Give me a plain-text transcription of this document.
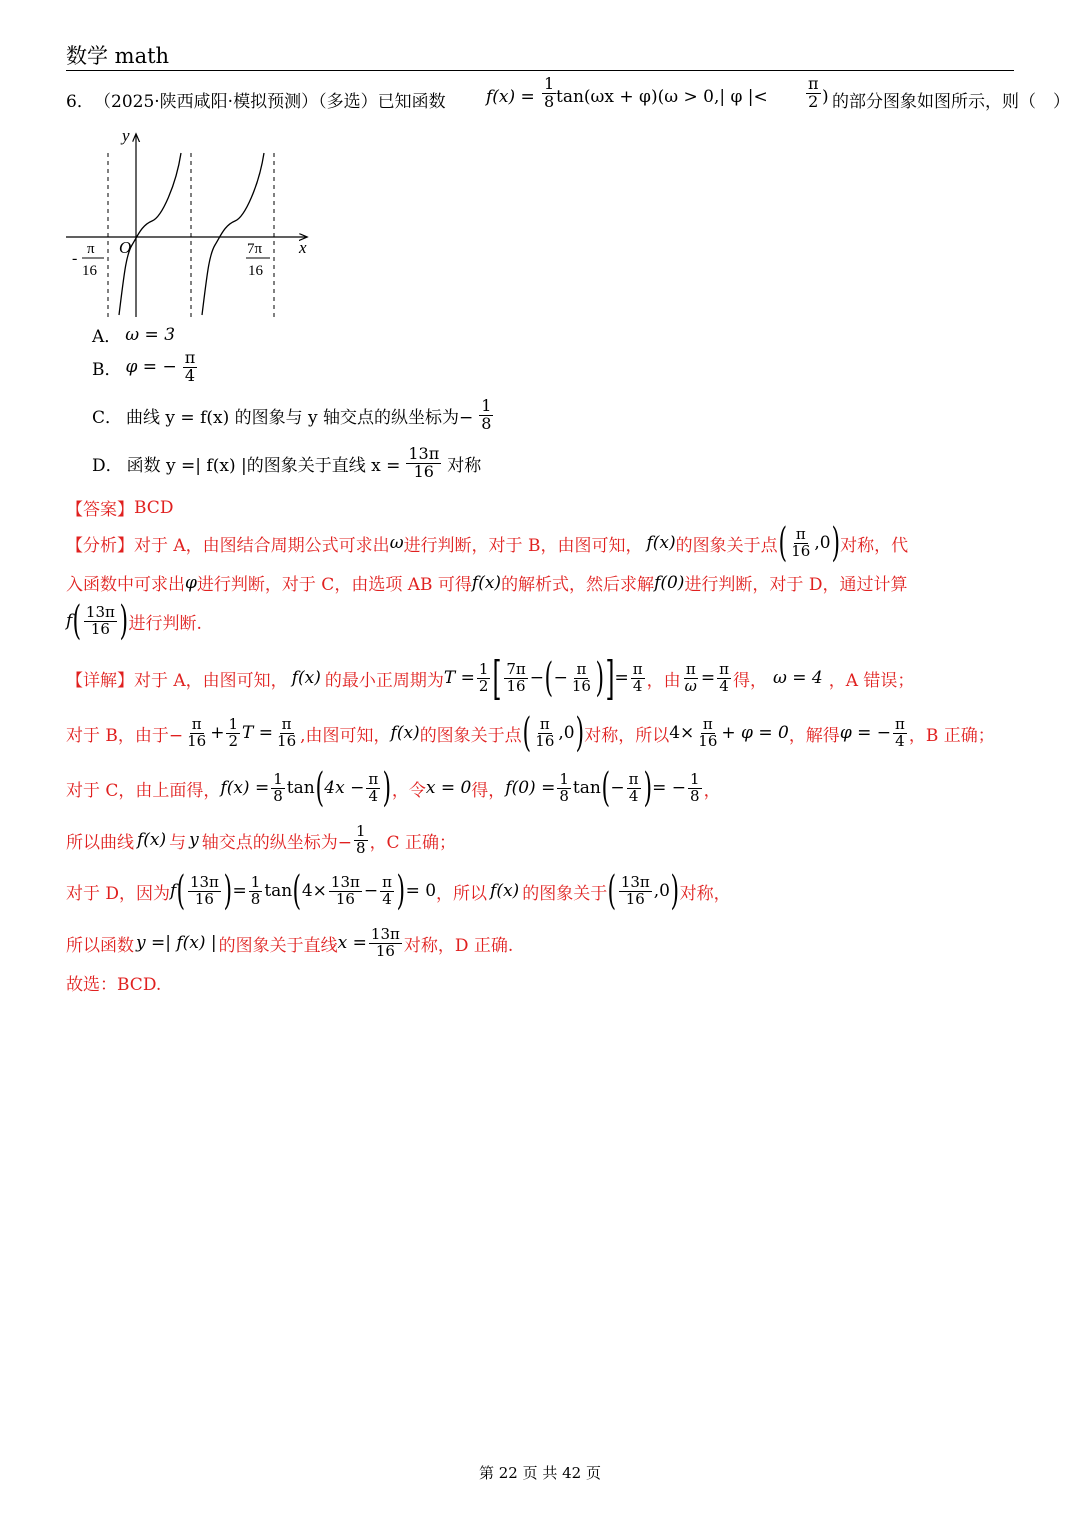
数学 math
6． （2025·陕西咸阳·模拟预测）（多选）已知函数 $f(x) = \frac{1}{8} \tan(\omega x + \varphi)(\omega > 0,|$ φ |< $\frac{\pi}{2}$ ) 的部分图象如图所示，则（　）
y
x
O
-
π
16
7π
16
A． ω = 3
B． φ = − $\frac{\pi}{4}$
C． 曲线 y = f(x) 的图象与 y 轴交点的纵坐标为− $\frac{1}{8}$
D． 函数 y =| f(x) |的图象关于直线 $x = \frac{13\pi}{16}$ 对称
【答案】 BCD
【分析】对于 A，由图结合周期公式可求出 ω 进行判断，对于 B，由图可知， f(x) 的图象关于点 ( $\frac{\pi}{16} ,0$ ) 对称，代
入函数中可求出 φ 进行判断，对于 C，由选项 AB 可得 f(x) 的解析式，然后求解 f(0) 进行判断，对于 D，通过计算
f ( $\frac{13\pi}{16}$ ) 进行判断.
【详解】对于 A，由图可知， f(x) 的最小正周期为 $T = \frac{1}{2}$ [ $\frac{7\pi}{16}$ − ( − $\frac{\pi}{16}$ ) ] = $\frac{\pi}{4}$ ，由 $\frac{\pi}{\omega} = \frac{\pi}{4}$ 得， ω = 4 ，A 错误；
对于 B，由于− $\frac{\pi}{16} + \frac{1}{2}$ $T = \frac{\pi}{16}$ ,由图可知， f(x) 的图象关于点 ( $\frac{\pi}{16} ,0$ ) 对称，所以 $4\times \frac{\pi}{16} + \varphi = 0$ ，解得 φ = − $\frac{\pi}{4}$ ，B 正确；
对于 C，由上面得， $f(x) = \frac{1}{8}$ tan ( $4x - \frac{\pi}{4}$ ) ，令 x = 0 得， $f(0) = \frac{1}{8}$ tan ( − $\frac{\pi}{4}$ ) = − $\frac{1}{8}$ ，
所以曲线 f(x) 与 y 轴交点的纵坐标为− $\frac{1}{8}$ ，C 正确；
对于 D，因为 f ( $\frac{13\pi}{16}$ ) = $\frac{1}{8}$ tan ( $4\times \frac{13\pi}{16} - \frac{\pi}{4}$ ) = 0 ，所以 f(x) 的图象关于 ( $\frac{13\pi}{16} ,0$ ) 对称，
所以函数 y =| f(x) | 的图象关于直线 $x = \frac{13\pi}{16}$ 对称，D 正确.
故选：BCD.
第 22 页 共 42 页
